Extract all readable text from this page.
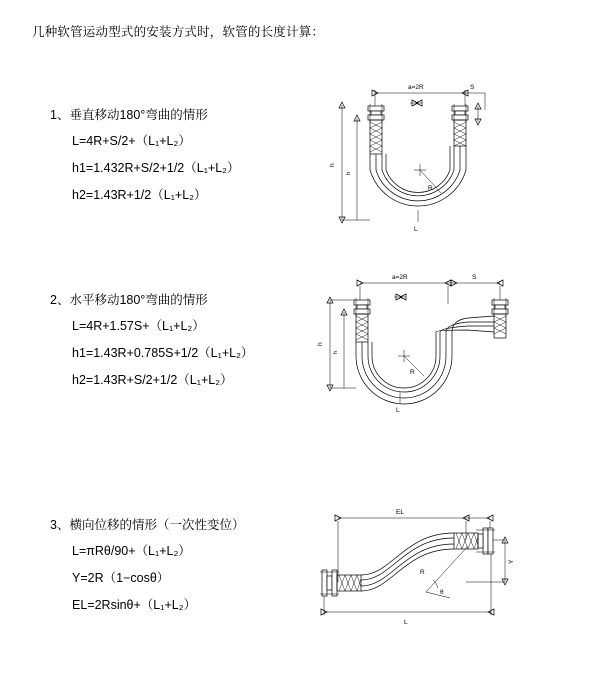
几种软管运动型式的安装方式时，软管的长度计算：
1、垂直移动180°弯曲的情形
L=4R+S/2+（L₁+L₂）
h1=1.432R+S/2+1/2（L₁+L₂）
h2=1.43R+1/2（L₁+L₂）
a=2R	S
h
h
R
L
2、水平移动180°弯曲的情形
L=4R+1.57S+（L₁+L₂）
h1=1.43R+0.785S+1/2（L₁+L₂）
h2=1.43R+S/2+1/2（L₁+L₂）
a=2R	S
h
h
R
L
3、横向位移的情形（一次性变位）
L=πRθ/90+（L₁+L₂）
Y=2R（1−cosθ）
EL=2Rsinθ+（L₁+L₂）
EL
Y
θ
R
L
